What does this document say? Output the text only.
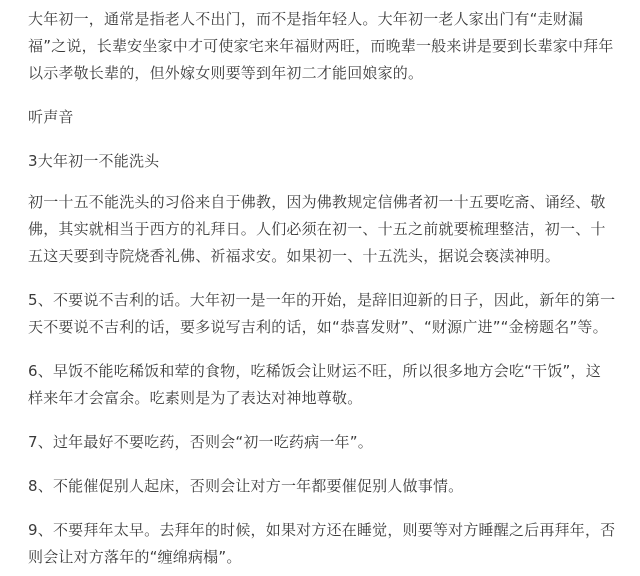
大年初一，通常是指老人不出门，而不是指年轻人。大年初一老人家出门有“走财漏福”之说，长辈安坐家中才可使家宅来年福财两旺，而晚辈一般来讲是要到长辈家中拜年以示孝敬长辈的，但外嫁女则要等到年初二才能回娘家的。

听声音

3大年初一不能洗头

初一十五不能洗头的习俗来自于佛教，因为佛教规定信佛者初一十五要吃斋、诵经、敬佛，其实就相当于西方的礼拜日。人们必须在初一、十五之前就要梳理整洁，初一、十五这天要到寺院烧香礼佛、祈福求安。如果初一、十五洗头，据说会亵渎神明。

5、不要说不吉利的话。大年初一是一年的开始，是辞旧迎新的日子，因此，新年的第一天不要说不吉利的话，要多说写吉利的话，如“恭喜发财”、“财源广进”“金榜题名”等。

6、早饭不能吃稀饭和荤的食物，吃稀饭会让财运不旺，所以很多地方会吃“干饭”，这样来年才会富余。吃素则是为了表达对神地尊敬。

7、过年最好不要吃药，否则会“初一吃药病一年”。

8、不能催促别人起床，否则会让对方一年都要催促别人做事情。

9、不要拜年太早。去拜年的时候，如果对方还在睡觉，则要等对方睡醒之后再拜年，否则会让对方落年的“缠绵病榻”。
